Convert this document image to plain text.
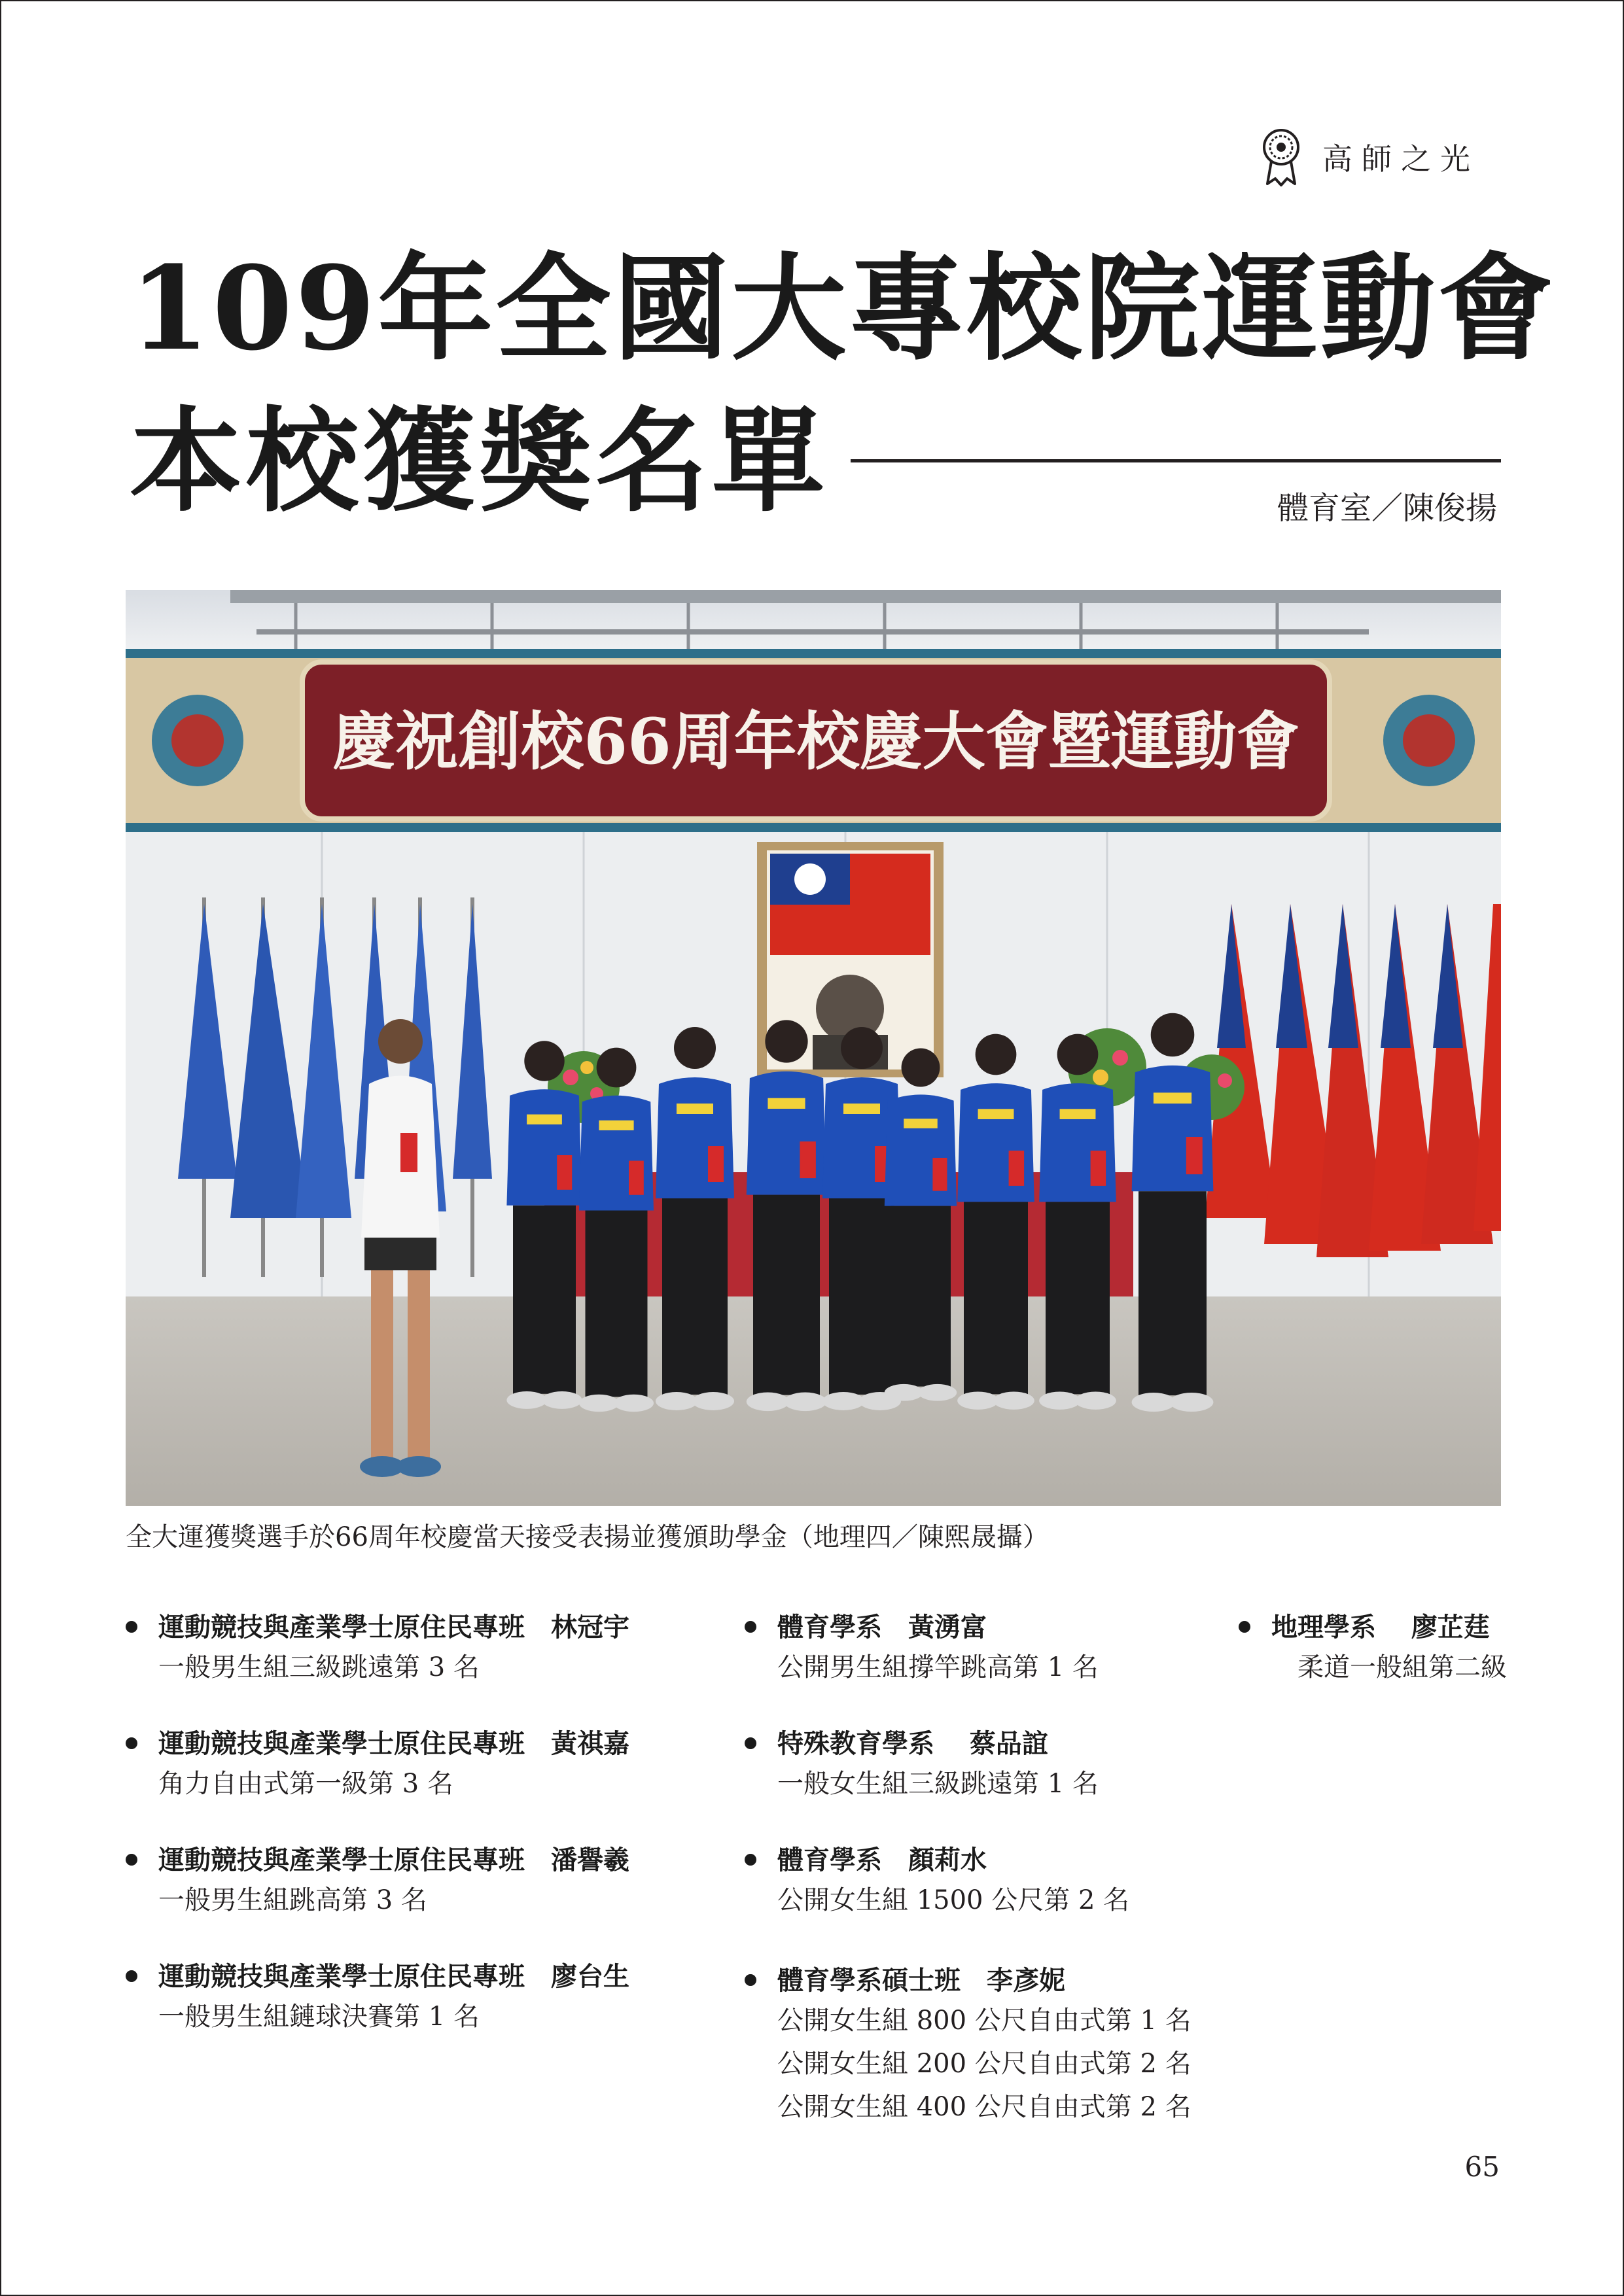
高師之光
109年全國大專校院運動會
本校獲獎名單	體育室／陳俊揚
慶祝創校66周年校慶大會暨運動會
RUN
全大運獲獎選手於66周年校慶當天接受表揚並獲頒助學金（地理四／陳熙晟攝）
運動競技與產業學士原住民專班　林冠宇
一般男生組三級跳遠第 3 名
運動競技與產業學士原住民專班　黃祺嘉
角力自由式第一級第 3 名
運動競技與產業學士原住民專班　潘譽羲
一般男生組跳高第 3 名
運動競技與產業學士原住民專班　廖台生
一般男生組鏈球決賽第 1 名
體育學系　黃湧富
公開男生組撐竿跳高第 1 名
特殊教育學系　 蔡品誼
一般女生組三級跳遠第 1 名
體育學系　顏莉水
公開女生組 1500 公尺第 2 名
體育學系碩士班　李彥妮
公開女生組 800 公尺自由式第 1 名
公開女生組 200 公尺自由式第 2 名
公開女生組 400 公尺自由式第 2 名
地理學系　 廖芷莛
柔道一般組第二級
65
